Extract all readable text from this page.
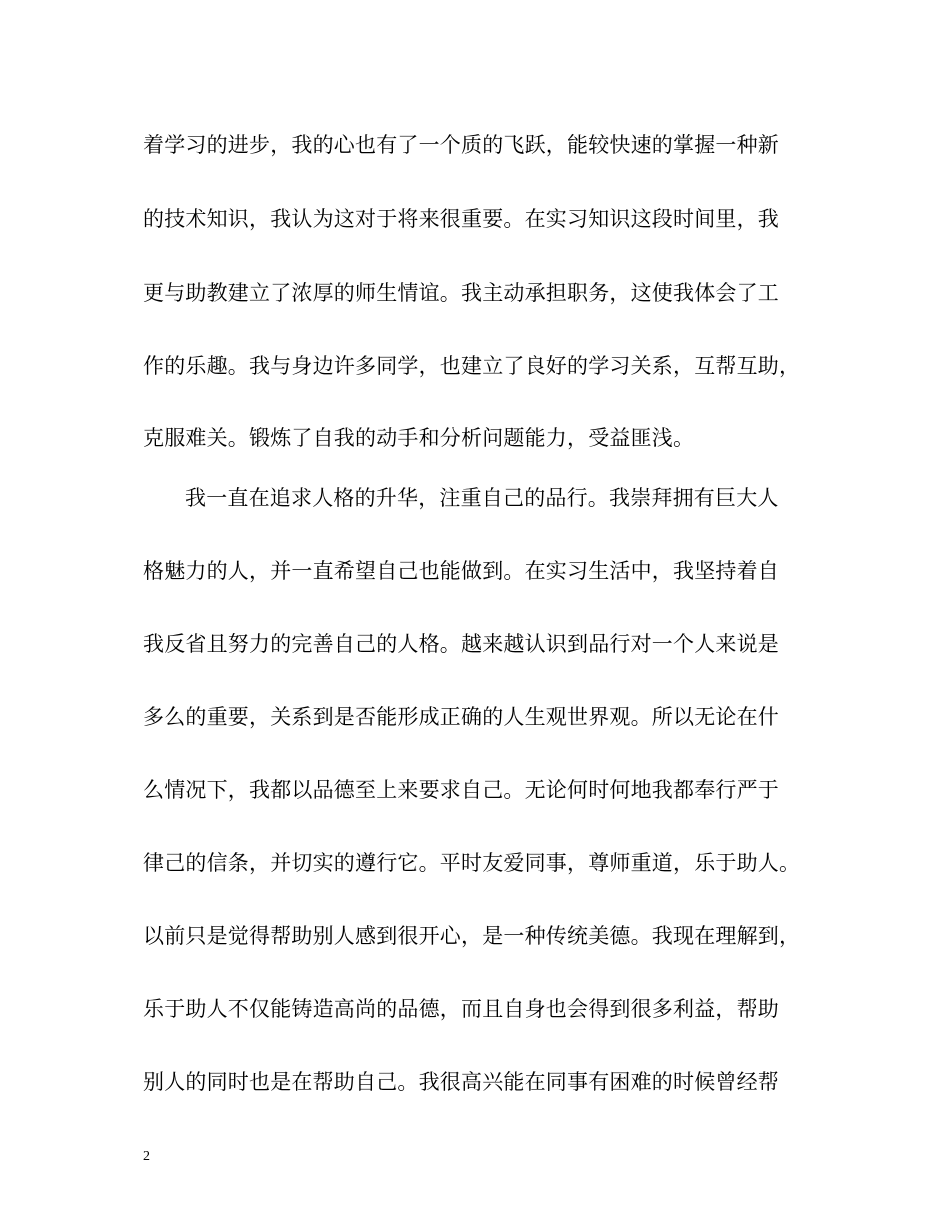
着学习的进步，我的心也有了一个质的飞跃，能较快速的掌握一种新
的技术知识，我认为这对于将来很重要。在实习知识这段时间里，我
更与助教建立了浓厚的师生情谊。我主动承担职务，这使我体会了工
作的乐趣。我与身边许多同学，也建立了良好的学习关系，互帮互助，
克服难关。锻炼了自我的动手和分析问题能力，受益匪浅。
我一直在追求人格的升华，注重自己的品行。我崇拜拥有巨大人
格魅力的人，并一直希望自己也能做到。在实习生活中，我坚持着自
我反省且努力的完善自己的人格。越来越认识到品行对一个人来说是
多么的重要，关系到是否能形成正确的人生观世界观。所以无论在什
么情况下，我都以品德至上来要求自己。无论何时何地我都奉行严于
律己的信条，并切实的遵行它。平时友爱同事，尊师重道，乐于助人。
以前只是觉得帮助别人感到很开心，是一种传统美德。我现在理解到，
乐于助人不仅能铸造高尚的品德，而且自身也会得到很多利益，帮助
别人的同时也是在帮助自己。我很高兴能在同事有困难的时候曾经帮
2
